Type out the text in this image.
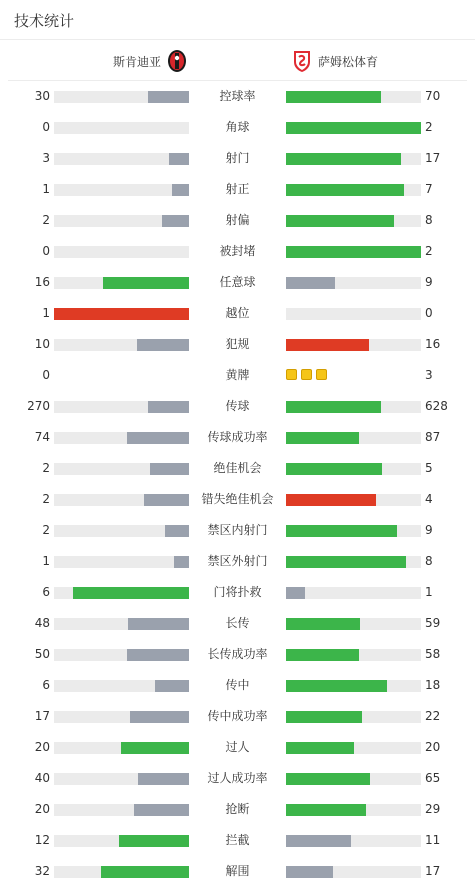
技术统计
斯肯迪亚	萨姆松体育
30	控球率	70
0	角球	2
3	射门	17
1	射正	7
2	射偏	8
0	被封堵	2
16	任意球	9
1	越位	0
10	犯规	16
0	黄牌	3
270	传球	628
74	传球成功率	87
2	绝佳机会	5
2	错失绝佳机会	4
2	禁区内射门	9
1	禁区外射门	8
6	门将扑救	1
48	长传	59
50	长传成功率	58
6	传中	18
17	传中成功率	22
20	过人	20
40	过人成功率	65
20	抢断	29
12	拦截	11
32	解围	17
